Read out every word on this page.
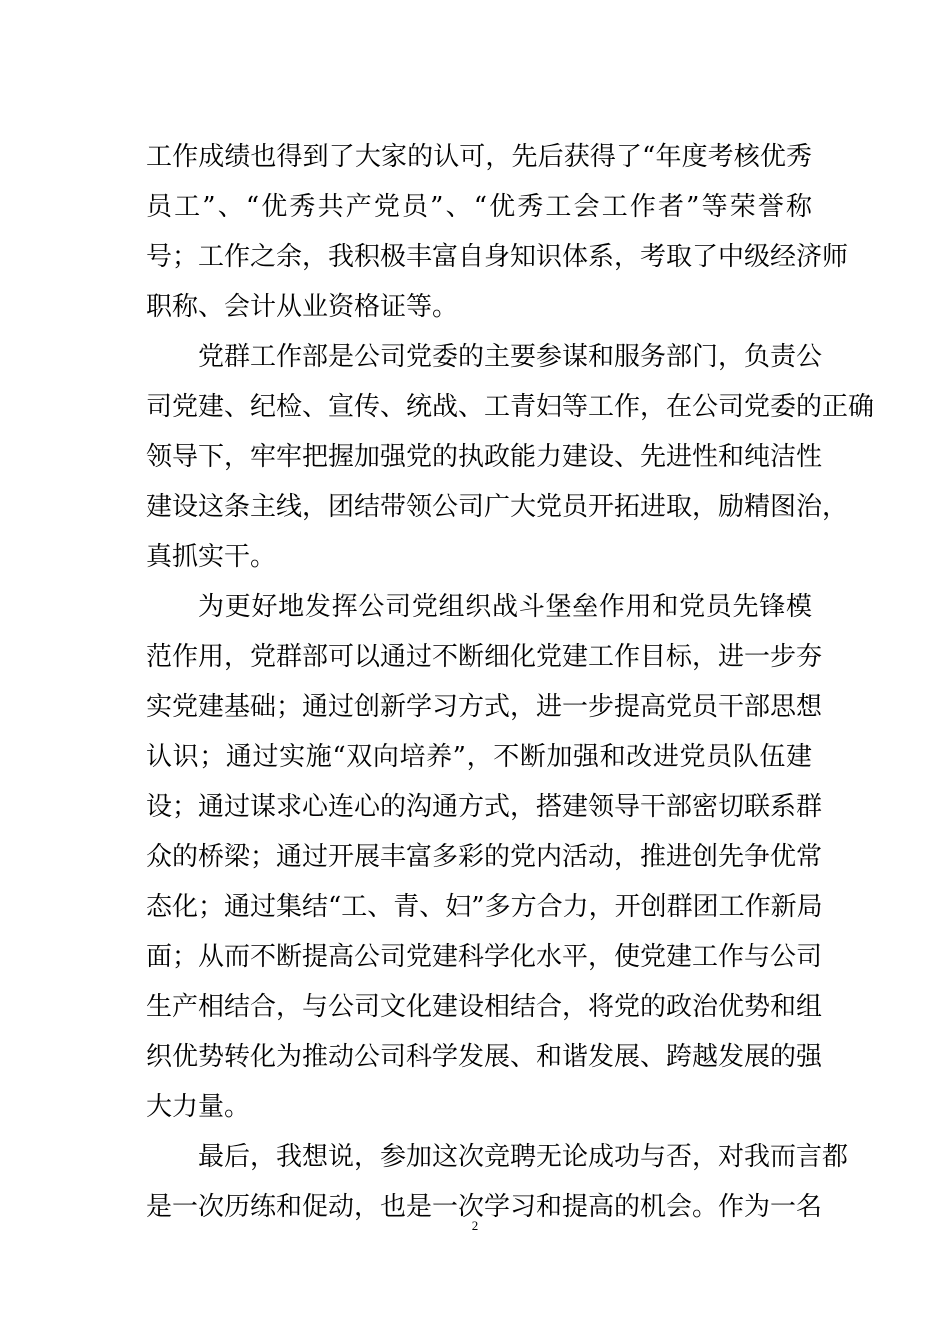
工作成绩也得到了大家的认可，先后获得了“年度考核优秀
员工”、“优秀共产党员”、“优秀工会工作者”等荣誉称
号；工作之余，我积极丰富自身知识体系，考取了中级经济师
职称、会计从业资格证等。
党群工作部是公司党委的主要参谋和服务部门，负责公
司党建、纪检、宣传、统战、工青妇等工作，在公司党委的正确
领导下，牢牢把握加强党的执政能力建设、先进性和纯洁性
建设这条主线，团结带领公司广大党员开拓进取，励精图治，
真抓实干。
为更好地发挥公司党组织战斗堡垒作用和党员先锋模
范作用，党群部可以通过不断细化党建工作目标，进一步夯
实党建基础；通过创新学习方式，进一步提高党员干部思想
认识；通过实施“双向培养”，不断加强和改进党员队伍建
设；通过谋求心连心的沟通方式，搭建领导干部密切联系群
众的桥梁；通过开展丰富多彩的党内活动，推进创先争优常
态化；通过集结“工、青、妇”多方合力，开创群团工作新局
面；从而不断提高公司党建科学化水平，使党建工作与公司
生产相结合，与公司文化建设相结合，将党的政治优势和组
织优势转化为推动公司科学发展、和谐发展、跨越发展的强
大力量。
最后，我想说，参加这次竞聘无论成功与否，对我而言都
是一次历练和促动，也是一次学习和提高的机会。作为一名
2
